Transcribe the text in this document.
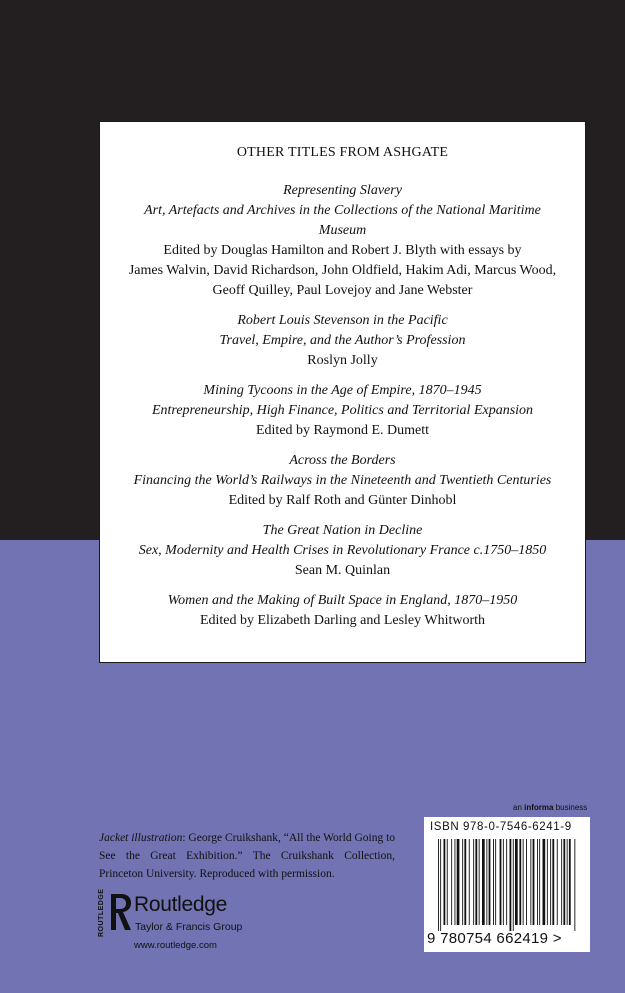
OTHER TITLES FROM ASHGATE
Representing Slavery
Art, Artefacts and Archives in the Collections of the National Maritime
Museum
Edited by Douglas Hamilton and Robert J. Blyth with essays by
James Walvin, David Richardson, John Oldfield, Hakim Adi, Marcus Wood,
Geoff Quilley, Paul Lovejoy and Jane Webster
Robert Louis Stevenson in the Pacific
Travel, Empire, and the Author’s Profession
Roslyn Jolly
Mining Tycoons in the Age of Empire, 1870–1945
Entrepreneurship, High Finance, Politics and Territorial Expansion
Edited by Raymond E. Dumett
Across the Borders
Financing the World’s Railways in the Nineteenth and Twentieth Centuries
Edited by Ralf Roth and Günter Dinhobl
The Great Nation in Decline
Sex, Modernity and Health Crises in Revolutionary France c.1750–1850
Sean M. Quinlan
Women and the Making of Built Space in England, 1870–1950
Edited by Elizabeth Darling and Lesley Whitworth
Jacket illustration: George Cruikshank, “All the World Going to See the Great Exhibition.” The Cruikshank Collection, Princeton University. Reproduced with permission.
ROUTLEDGE Routledge
Taylor & Francis Group
www.routledge.com
an informa business
ISBN 978-0-7546-6241-9
9 780754 662419 >
